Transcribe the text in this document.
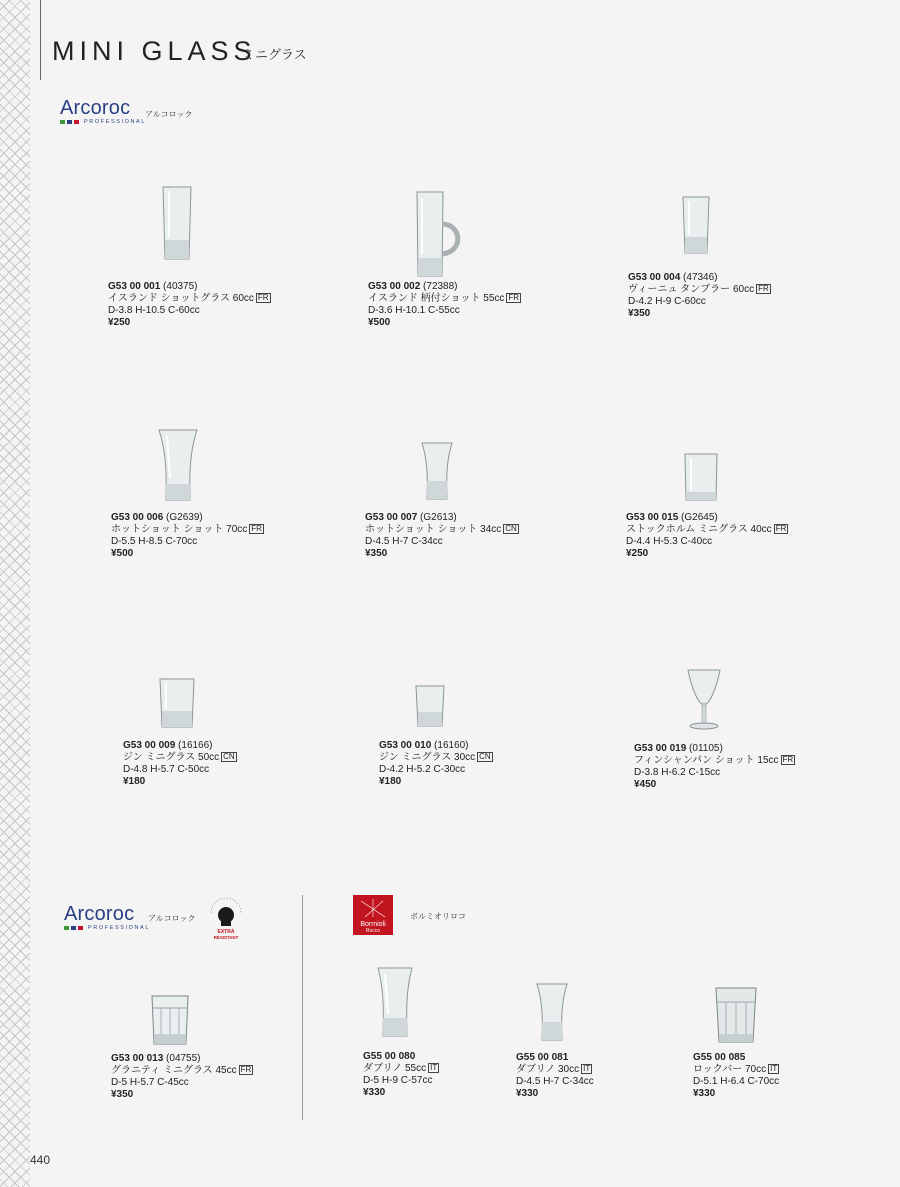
MINI GLASS
ミニグラス
Arcoroc
PROFESSIONAL
アルコロック
G53 00 001 (40375)
イスランド ショットグラス 60cc FR
D-3.8 H-10.5 C-60cc
¥250
G53 00 002 (72388)
イスランド 柄付ショット 55cc FR
D-3.6 H-10.1 C-55cc
¥500
G53 00 004 (47346)
ヴィーニュ タンブラー 60cc FR
D-4.2 H-9 C-60cc
¥350
G53 00 006 (G2639)
ホットショット ショット 70cc FR
D-5.5 H-8.5 C-70cc
¥500
G53 00 007 (G2613)
ホットショット ショット 34cc CN
D-4.5 H-7 C-34cc
¥350
G53 00 015 (G2645)
ストックホルム ミニグラス 40cc FR
D-4.4 H-5.3 C-40cc
¥250
G53 00 009 (16166)
ジン ミニグラス 50cc CN
D-4.8 H-5.7 C-50cc
¥180
G53 00 010 (16160)
ジン ミニグラス 30cc CN
D-4.2 H-5.2 C-30cc
¥180
G53 00 019 (01105)
フィンシャンパン ショット 15cc FR
D-3.8 H-6.2 C-15cc
¥450
Arcoroc
PROFESSIONAL
アルコロック
EXTRA
RESISTANT
G53 00 013 (04755)
グラニティ ミニグラス 45cc FR
D-5 H-5.7 C-45cc
¥350
Bormioli
Rocco
ボルミオリロコ
G55 00 080
ダブリノ 55cc IT
D-5 H-9 C-57cc
¥330
G55 00 081
ダブリノ 30cc IT
D-4.5 H-7 C-34cc
¥330
G55 00 085
ロックバー 70cc IT
D-5.1 H-6.4 C-70cc
¥330
440
